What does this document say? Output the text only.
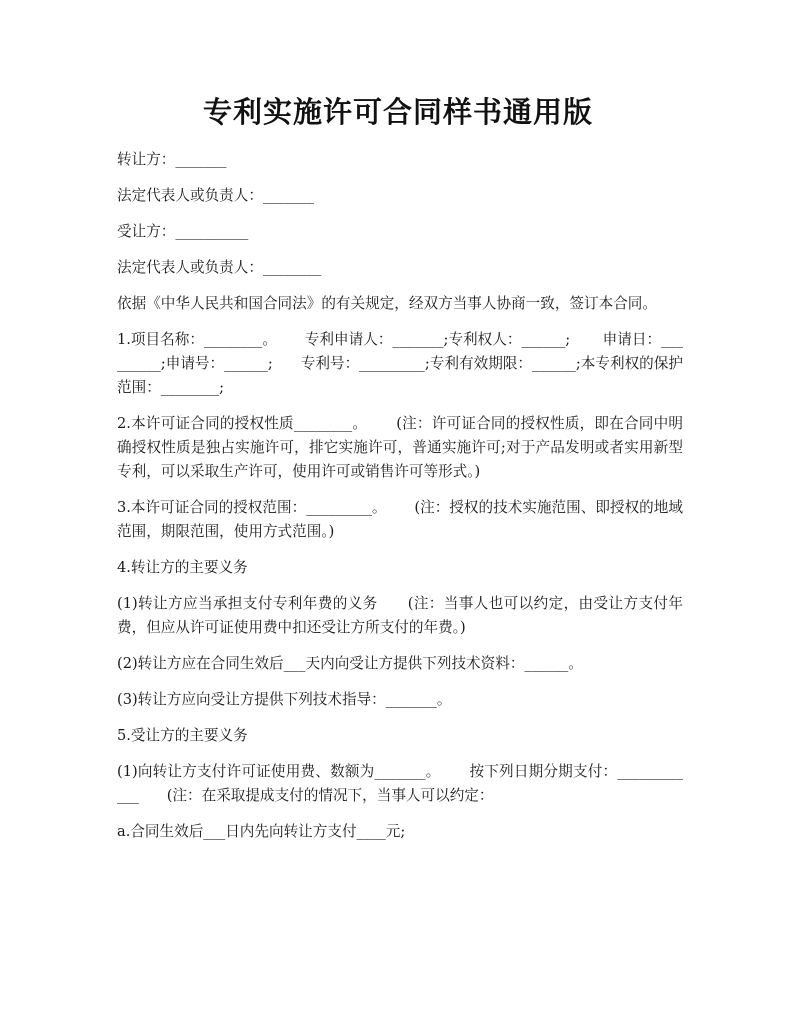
专利实施许可合同样书通用版

转让方：_______

法定代表人或负责人：_______

受让方：__________

法定代表人或负责人：________

依据《中华人民共和国合同法》的有关规定，经双方当事人协商一致，签订本合同。

1.项目名称：________。      专利申请人：_______;专利权人：______;       申请日：_________;申请号：______;      专利号：_________;专利有效期限：______;本专利权的保护范围：________;

2.本许可证合同的授权性质________。      (注：许可证合同的授权性质，即在合同中明确授权性质是独占实施许可，排它实施许可，普通实施许可;对于产品发明或者实用新型专利，可以采取生产许可，使用许可或销售许可等形式。)

3.本许可证合同的授权范围：_________。      (注：授权的技术实施范围、即授权的地域范围，期限范围，使用方式范围。)

4.转让方的主要义务

(1)转让方应当承担支付专利年费的义务      (注：当事人也可以约定，由受让方支付年费，但应从许可证使用费中扣还受让方所支付的年费。)

(2)转让方应在合同生效后___天内向受让方提供下列技术资料：______。

(3)转让方应向受让方提供下列技术指导：_______。

5.受让方的主要义务

(1)向转让方支付许可证使用费、数额为_______。      按下列日期分期支付：____________      (注：在采取提成支付的情况下，当事人可以约定：

a.合同生效后___日内先向转让方支付____元;
